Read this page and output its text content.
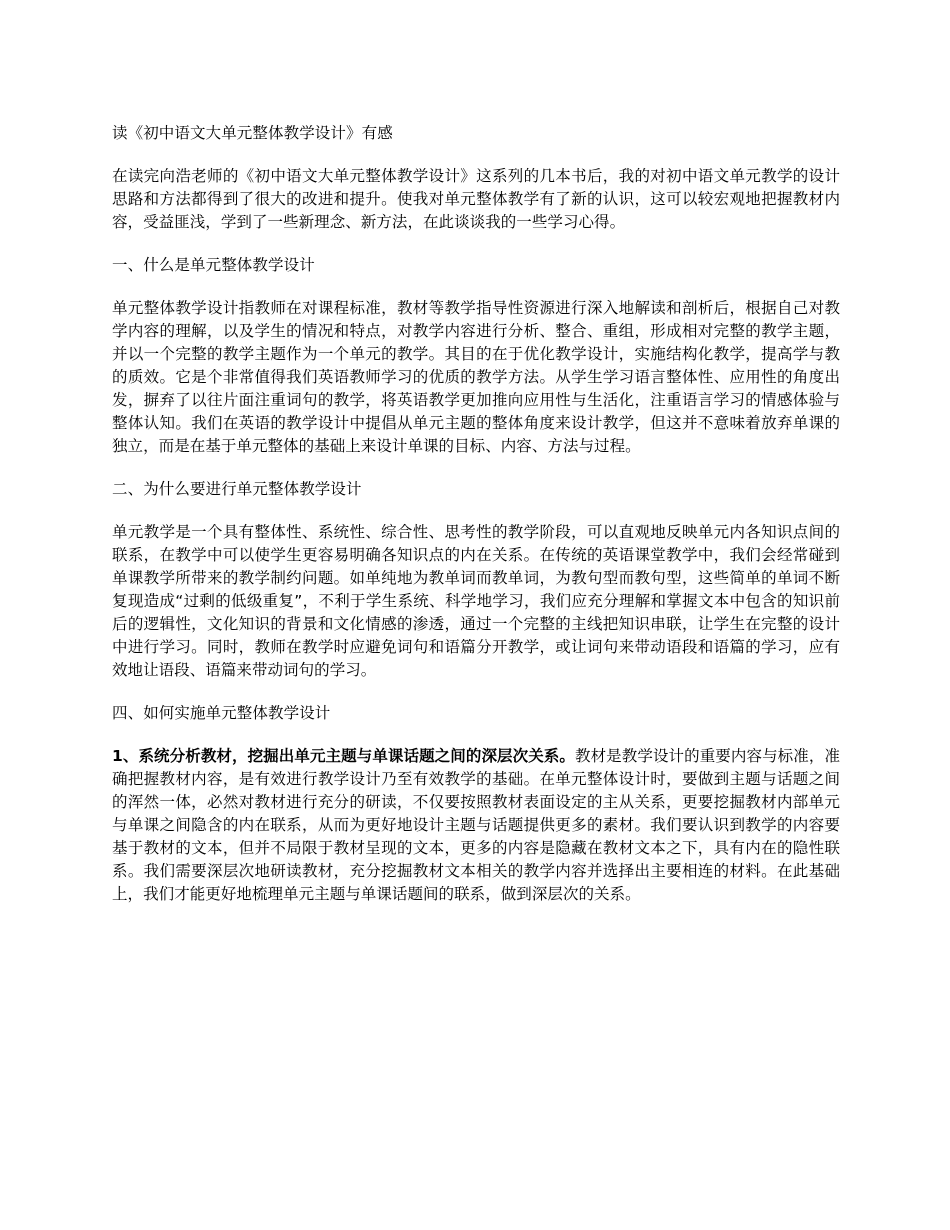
读《初中语文大单元整体教学设计》有感

在读完向浩老师的《初中语文大单元整体教学设计》这系列的几本书后，我的对初中语文单元教学的设计思路和方法都得到了很大的改进和提升。使我对单元整体教学有了新的认识，这可以较宏观地把握教材内容，受益匪浅，学到了一些新理念、新方法，在此谈谈我的一些学习心得。

一、什么是单元整体教学设计

单元整体教学设计指教师在对课程标准，教材等教学指导性资源进行深入地解读和剖析后，根据自己对教学内容的理解，以及学生的情况和特点，对教学内容进行分析、整合、重组，形成相对完整的教学主题，并以一个完整的教学主题作为一个单元的教学。其目的在于优化教学设计，实施结构化教学，提高学与教的质效。它是个非常值得我们英语教师学习的优质的教学方法。从学生学习语言整体性、应用性的角度出发，摒弃了以往片面注重词句的教学，将英语教学更加推向应用性与生活化，注重语言学习的情感体验与整体认知。我们在英语的教学设计中提倡从单元主题的整体角度来设计教学，但这并不意味着放弃单课的独立，而是在基于单元整体的基础上来设计单课的目标、内容、方法与过程。

二、为什么要进行单元整体教学设计

单元教学是一个具有整体性、系统性、综合性、思考性的教学阶段，可以直观地反映单元内各知识点间的联系，在教学中可以使学生更容易明确各知识点的内在关系。在传统的英语课堂教学中，我们会经常碰到单课教学所带来的教学制约问题。如单纯地为教单词而教单词，为教句型而教句型，这些简单的单词不断复现造成“过剩的低级重复”，不利于学生系统、科学地学习，我们应充分理解和掌握文本中包含的知识前后的逻辑性，文化知识的背景和文化情感的渗透，通过一个完整的主线把知识串联，让学生在完整的设计中进行学习。同时，教师在教学时应避免词句和语篇分开教学，或让词句来带动语段和语篇的学习，应有效地让语段、语篇来带动词句的学习。

四、如何实施单元整体教学设计

1、系统分析教材，挖掘出单元主题与单课话题之间的深层次关系。教材是教学设计的重要内容与标准，准确把握教材内容，是有效进行教学设计乃至有效教学的基础。在单元整体设计时，要做到主题与话题之间的浑然一体，必然对教材进行充分的研读，不仅要按照教材表面设定的主从关系，更要挖掘教材内部单元与单课之间隐含的内在联系，从而为更好地设计主题与话题提供更多的素材。我们要认识到教学的内容要基于教材的文本，但并不局限于教材呈现的文本，更多的内容是隐藏在教材文本之下，具有内在的隐性联系。我们需要深层次地研读教材，充分挖掘教材文本相关的教学内容并选择出主要相连的材料。在此基础上，我们才能更好地梳理单元主题与单课话题间的联系，做到深层次的关系。
